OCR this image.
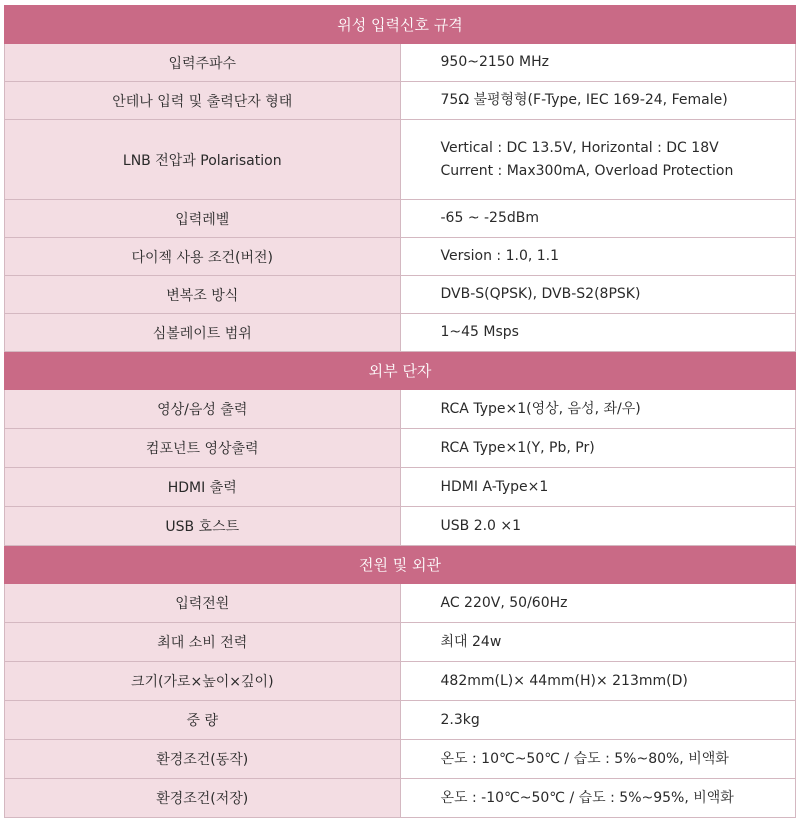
위성 입력신호 규격	
입력주파수	950~2150 MHz

안테나 입력 및 출력단자 형태	75Ω 불평형형(F-Type, IEC 169-24, Female)

LNB 전압과 Polarisation	Vertical : DC 13.5V, Horizontal : DC 18V
Current : Max300mA, Overload Protection

입력레벨	-65 ~ -25dBm

다이젝 사용 조건(버전)	Version : 1.0, 1.1

변복조 방식	DVB-S(QPSK), DVB-S2(8PSK)

심볼레이트 범위	1~45 Msps

외부 단자	
영상/음성 출력	RCA Type×1(영상, 음성, 좌/우)

컴포넌트 영상출력	RCA Type×1(Y, Pb, Pr)

HDMI 출력	HDMI A-Type×1

USB 호스트	USB 2.0 ×1

전원 및 외관	
입력전원	AC 220V, 50/60Hz

최대 소비 전력	최대 24w

크기(가로×높이×깊이)	482mm(L)× 44mm(H)× 213mm(D)

중 량	2.3kg

환경조건(동작)	온도 : 10℃~50℃ / 습도 : 5%~80%, 비액화

환경조건(저장)	온도 : -10℃~50℃ / 습도 : 5%~95%, 비액화
